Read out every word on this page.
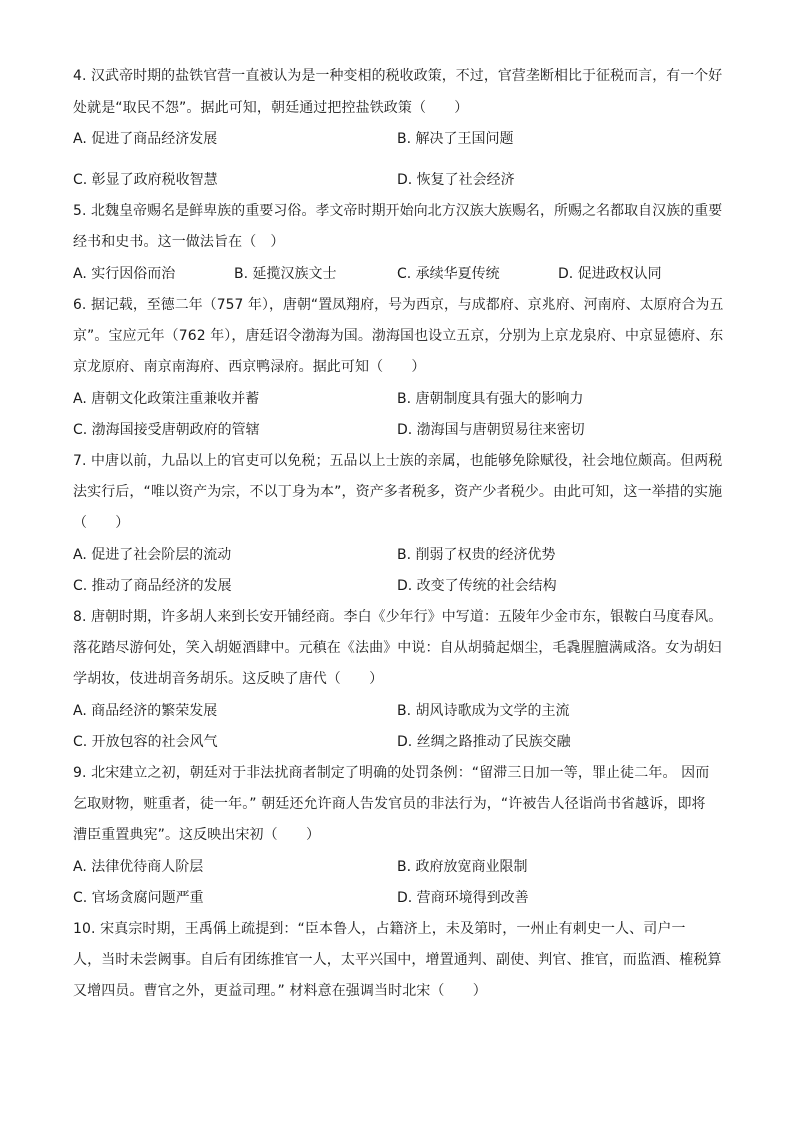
4. 汉武帝时期的盐铁官营一直被认为是一种变相的税收政策，不过，官营垄断相比于征税而言，有一个好
处就是“取民不怨”。据此可知，朝廷通过把控盐铁政策（　　）
A. 促进了商品经济发展	B. 解决了王国问题
C. 彰显了政府税收智慧	D. 恢复了社会经济
5. 北魏皇帝赐名是鲜卑族的重要习俗。孝文帝时期开始向北方汉族大族赐名，所赐之名都取自汉族的重要
经书和史书。这一做法旨在（　）
A. 实行因俗而治	B. 延揽汉族文士	C. 承续华夏传统	D. 促进政权认同
6. 据记载，至德二年（757 年），唐朝“置凤翔府，号为西京，与成都府、京兆府、河南府、太原府合为五
京”。宝应元年（762 年），唐廷诏令渤海为国。渤海国也设立五京，分别为上京龙泉府、中京显德府、东
京龙原府、南京南海府、西京鸭渌府。据此可知（　　）
A. 唐朝文化政策注重兼收并蓄	B. 唐朝制度具有强大的影响力
C. 渤海国接受唐朝政府的管辖	D. 渤海国与唐朝贸易往来密切
7. 中唐以前，九品以上的官吏可以免税；五品以上士族的亲属，也能够免除赋役，社会地位颇高。但两税
法实行后，“唯以资产为宗，不以丁身为本”，资产多者税多，资产少者税少。由此可知，这一举措的实施
（　　）
A. 促进了社会阶层的流动	B. 削弱了权贵的经济优势
C. 推动了商品经济的发展	D. 改变了传统的社会结构
8. 唐朝时期，许多胡人来到长安开铺经商。李白《少年行》中写道：五陵年少金市东，银鞍白马度春风。
落花踏尽游何处，笑入胡姬酒肆中。元稹在《法曲》中说：自从胡骑起烟尘，毛毳腥膻满咸洛。女为胡妇
学胡妆，伎进胡音务胡乐。这反映了唐代（　　）
A. 商品经济的繁荣发展	B. 胡风诗歌成为文学的主流
C. 开放包容的社会风气	D. 丝绸之路推动了民族交融
9. 北宋建立之初，朝廷对于非法扰商者制定了明确的处罚条例：“留滞三日加一等，罪止徒二年。 因而
乞取财物，赃重者，徒一年。” 朝廷还允许商人告发官员的非法行为，“许被告人径诣尚书省越诉，即将
漕臣重置典宪”。这反映出宋初（　　）
A. 法律优待商人阶层	B. 政府放宽商业限制
C. 官场贪腐问题严重	D. 营商环境得到改善
10. 宋真宗时期，王禹偁上疏提到：“臣本鲁人，占籍济上，未及第时，一州止有刺史一人、司户一
人，当时未尝阙事。自后有团练推官一人，太平兴国中，增置通判、副使、判官、推官，而监酒、榷税算
又增四员。曹官之外，更益司理。” 材料意在强调当时北宋（　　）
